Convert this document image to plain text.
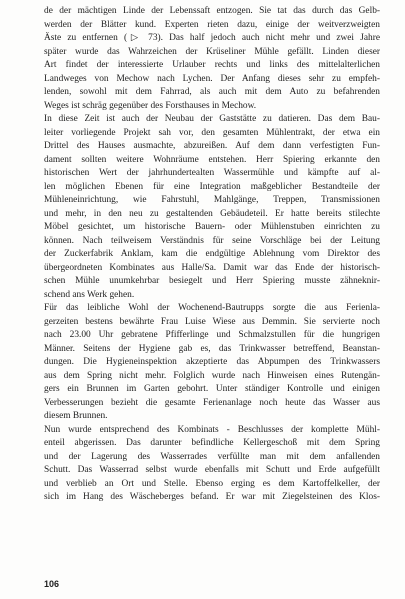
de der mächtigen Linde der Lebenssaft entzogen. Sie tat das durch das Gelb-
werden der Blätter kund. Experten rieten dazu, einige der weitverzweigten
Äste zu entfernen (▷ 73). Das half jedoch auch nicht mehr und zwei Jahre
später wurde das Wahrzeichen der Krüseliner Mühle gefällt. Linden dieser
Art findet der interessierte Urlauber rechts und links des mittelalterlichen
Landweges von Mechow nach Lychen. Der Anfang dieses sehr zu empfeh-
lenden, sowohl mit dem Fahrrad, als auch mit dem Auto zu befahrenden
Weges ist schräg gegenüber des Forsthauses in Mechow.
In diese Zeit ist auch der Neubau der Gaststätte zu datieren. Das dem Bau-
leiter vorliegende Projekt sah vor, den gesamten Mühlentrakt, der etwa ein
Drittel des Hauses ausmachte, abzureißen. Auf dem dann verfestigten Fun-
dament sollten weitere Wohnräume entstehen. Herr Spiering erkannte den
historischen Wert der jahrhundertealten Wassermühle und kämpfte auf al-
len möglichen Ebenen für eine Integration maßgeblicher Bestandteile der
Mühleneinrichtung, wie Fahrstuhl, Mahlgänge, Treppen, Transmissionen
und mehr, in den neu zu gestaltenden Gebäudeteil. Er hatte bereits stilechte
Möbel gesichtet, um historische Bauern- oder Mühlenstuben einrichten zu
können. Nach teilweisem Verständnis für seine Vorschläge bei der Leitung
der Zuckerfabrik Anklam, kam die endgültige Ablehnung vom Direktor des
übergeordneten Kombinates aus Halle/Sa. Damit war das Ende der historisch-
schen Mühle unumkehrbar besiegelt und Herr Spiering musste zähneknir-
schend ans Werk gehen.
Für das leibliche Wohl der Wochenend-Bautrupps sorgte die aus Ferienla-
gerzeiten bestens bewährte Frau Luise Wiese aus Demmin. Sie servierte noch
nach 23.00 Uhr gebratene Pfifferlinge und Schmalzstullen für die hungrigen
Männer. Seitens der Hygiene gab es, das Trinkwasser betreffend, Beanstan-
dungen. Die Hygieneinspektion akzeptierte das Abpumpen des Trinkwassers
aus dem Spring nicht mehr. Folglich wurde nach Hinweisen eines Rutengän-
gers ein Brunnen im Garten gebohrt. Unter ständiger Kontrolle und einigen
Verbesserungen bezieht die gesamte Ferienanlage noch heute das Wasser aus
diesem Brunnen.
Nun wurde entsprechend des Kombinats - Beschlusses der komplette Mühl-
enteil abgerissen. Das darunter befindliche Kellergeschoß mit dem Spring
und der Lagerung des Wasserrades verfüllte man mit dem anfallenden
Schutt. Das Wasserrad selbst wurde ebenfalls mit Schutt und Erde aufgefüllt
und verblieb an Ort und Stelle. Ebenso erging es dem Kartoffelkeller, der
sich im Hang des Wäscheberges befand. Er war mit Ziegelsteinen des Klos-
106
